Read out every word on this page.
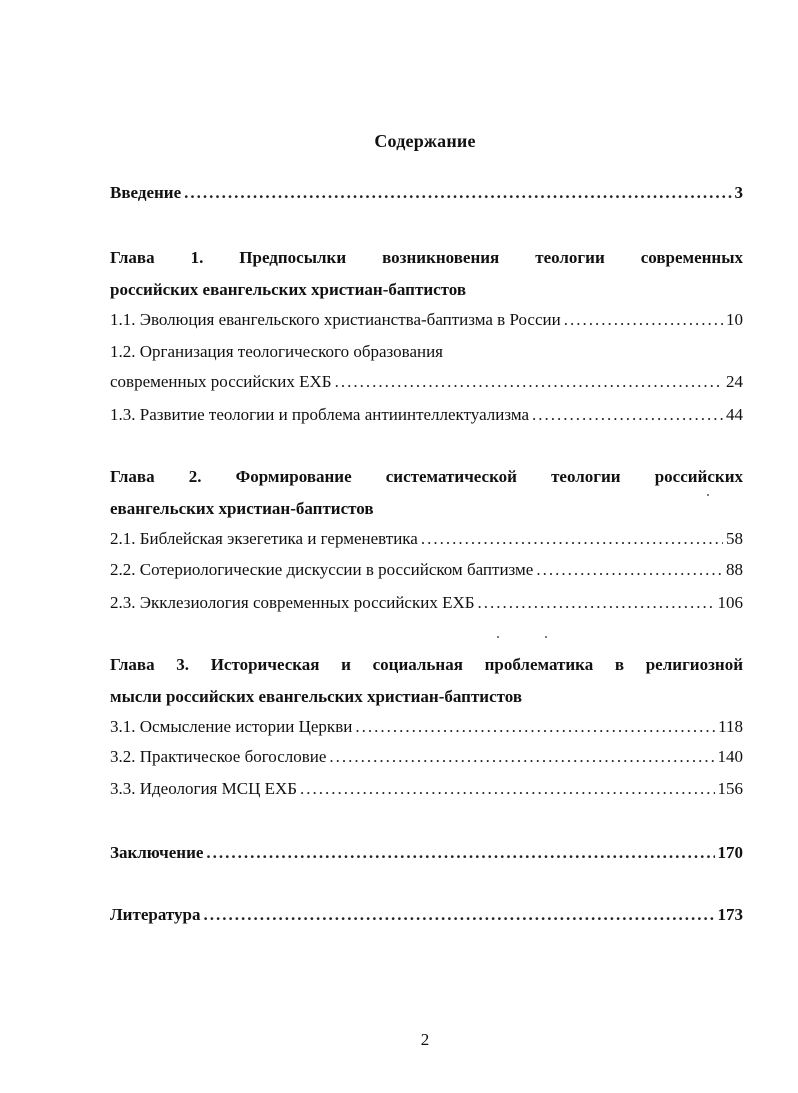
Содержание
Введение .....	3
Глава 1. Предпосылки возникновения теологии современных
российских евангельских христиан-баптистов
1.1. Эволюция евангельского христианства-баптизма в России .....	10
1.2. Организация теологического образования
современных российских ЕХБ .....	24
1.3. Развитие теологии и проблема антиинтеллектуализма .....	44
Глава 2. Формирование систематической теологии российских
евангельских христиан-баптистов
2.1. Библейская экзегетика и герменевтика .....	58
2.2. Сотериологические дискуссии в российском баптизме .....	88
2.3. Экклезиология современных российских ЕХБ .....	106
Глава 3. Историческая и социальная проблематика в религиозной
мысли российских евангельских христиан-баптистов
3.1. Осмысление истории Церкви .....	118
3.2. Практическое богословие .....	140
3.3. Идеология МСЦ ЕХБ .....	156
Заключение .....	170
Литература .....	173
2
